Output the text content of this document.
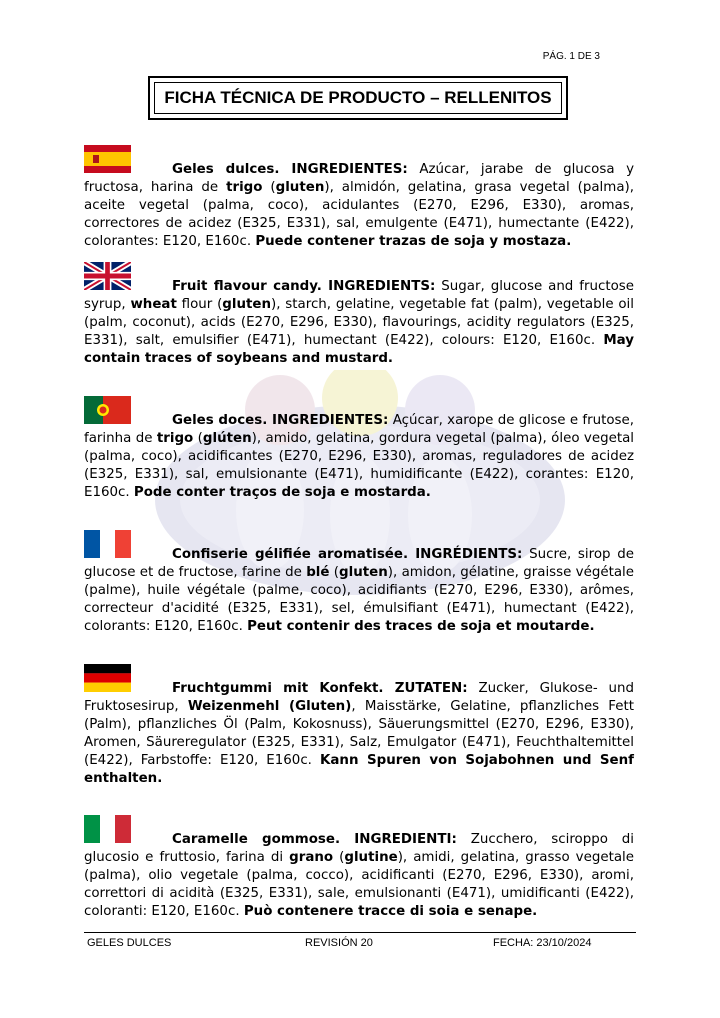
PÁG. 1 DE 3
FICHA TÉCNICA DE PRODUCTO – RELLENITOS

Geles dulces. INGREDIENTES: Azúcar, jarabe de glucosa y fructosa, harina de trigo (gluten), almidón, gelatina, grasa vegetal (palma), aceite vegetal (palma, coco), acidulantes (E270, E296, E330), aromas, correctores de acidez (E325, E331), sal, emulgente (E471), humectante (E422), colorantes: E120, E160c. Puede contener trazas de soja y mostaza.

Fruit flavour candy. INGREDIENTS: Sugar, glucose and fructose syrup, wheat flour (gluten), starch, gelatine, vegetable fat (palm), vegetable oil (palm, coconut), acids (E270, E296, E330), flavourings, acidity regulators (E325, E331), salt, emulsifier (E471), humectant (E422), colours: E120, E160c. May contain traces of soybeans and mustard.

Geles doces. INGREDIENTES: Açúcar, xarope de glicose e frutose, farinha de trigo (glúten), amido, gelatina, gordura vegetal (palma), óleo vegetal (palma, coco), acidificantes (E270, E296, E330), aromas, reguladores de acidez (E325, E331), sal, emulsionante (E471), humidificante (E422), corantes: E120, E160c. Pode conter traços de soja e mostarda.

Confiserie gélifiée aromatisée. INGRÉDIENTS: Sucre, sirop de glucose et de fructose, farine de blé (gluten), amidon, gélatine, graisse végétale (palme), huile végétale (palme, coco), acidifiants (E270, E296, E330), arômes, correcteur d'acidité (E325, E331), sel, émulsifiant (E471), humectant (E422), colorants: E120, E160c. Peut contenir des traces de soja et moutarde.

Fruchtgummi mit Konfekt. ZUTATEN: Zucker, Glukose- und Fruktosesirup, Weizenmehl (Gluten), Maisstärke, Gelatine, pflanzliches Fett (Palm), pflanzliches Öl (Palm, Kokosnuss), Säuerungsmittel (E270, E296, E330), Aromen, Säureregulator (E325, E331), Salz, Emulgator (E471), Feuchthaltemittel (E422), Farbstoffe: E120, E160c. Kann Spuren von Sojabohnen und Senf enthalten.

Caramelle gommose. INGREDIENTI: Zucchero, sciroppo di glucosio e fruttosio, farina di grano (glutine), amidi, gelatina, grasso vegetale (palma), olio vegetale (palma, cocco), acidificanti (E270, E296, E330), aromi, correttori di acidità (E325, E331), sale, emulsionanti (E471), umidificanti (E422), coloranti: E120, E160c. Può contenere tracce di soia e senape.

GELES DULCES	REVISIÓN 20	FECHA: 23/10/2024
